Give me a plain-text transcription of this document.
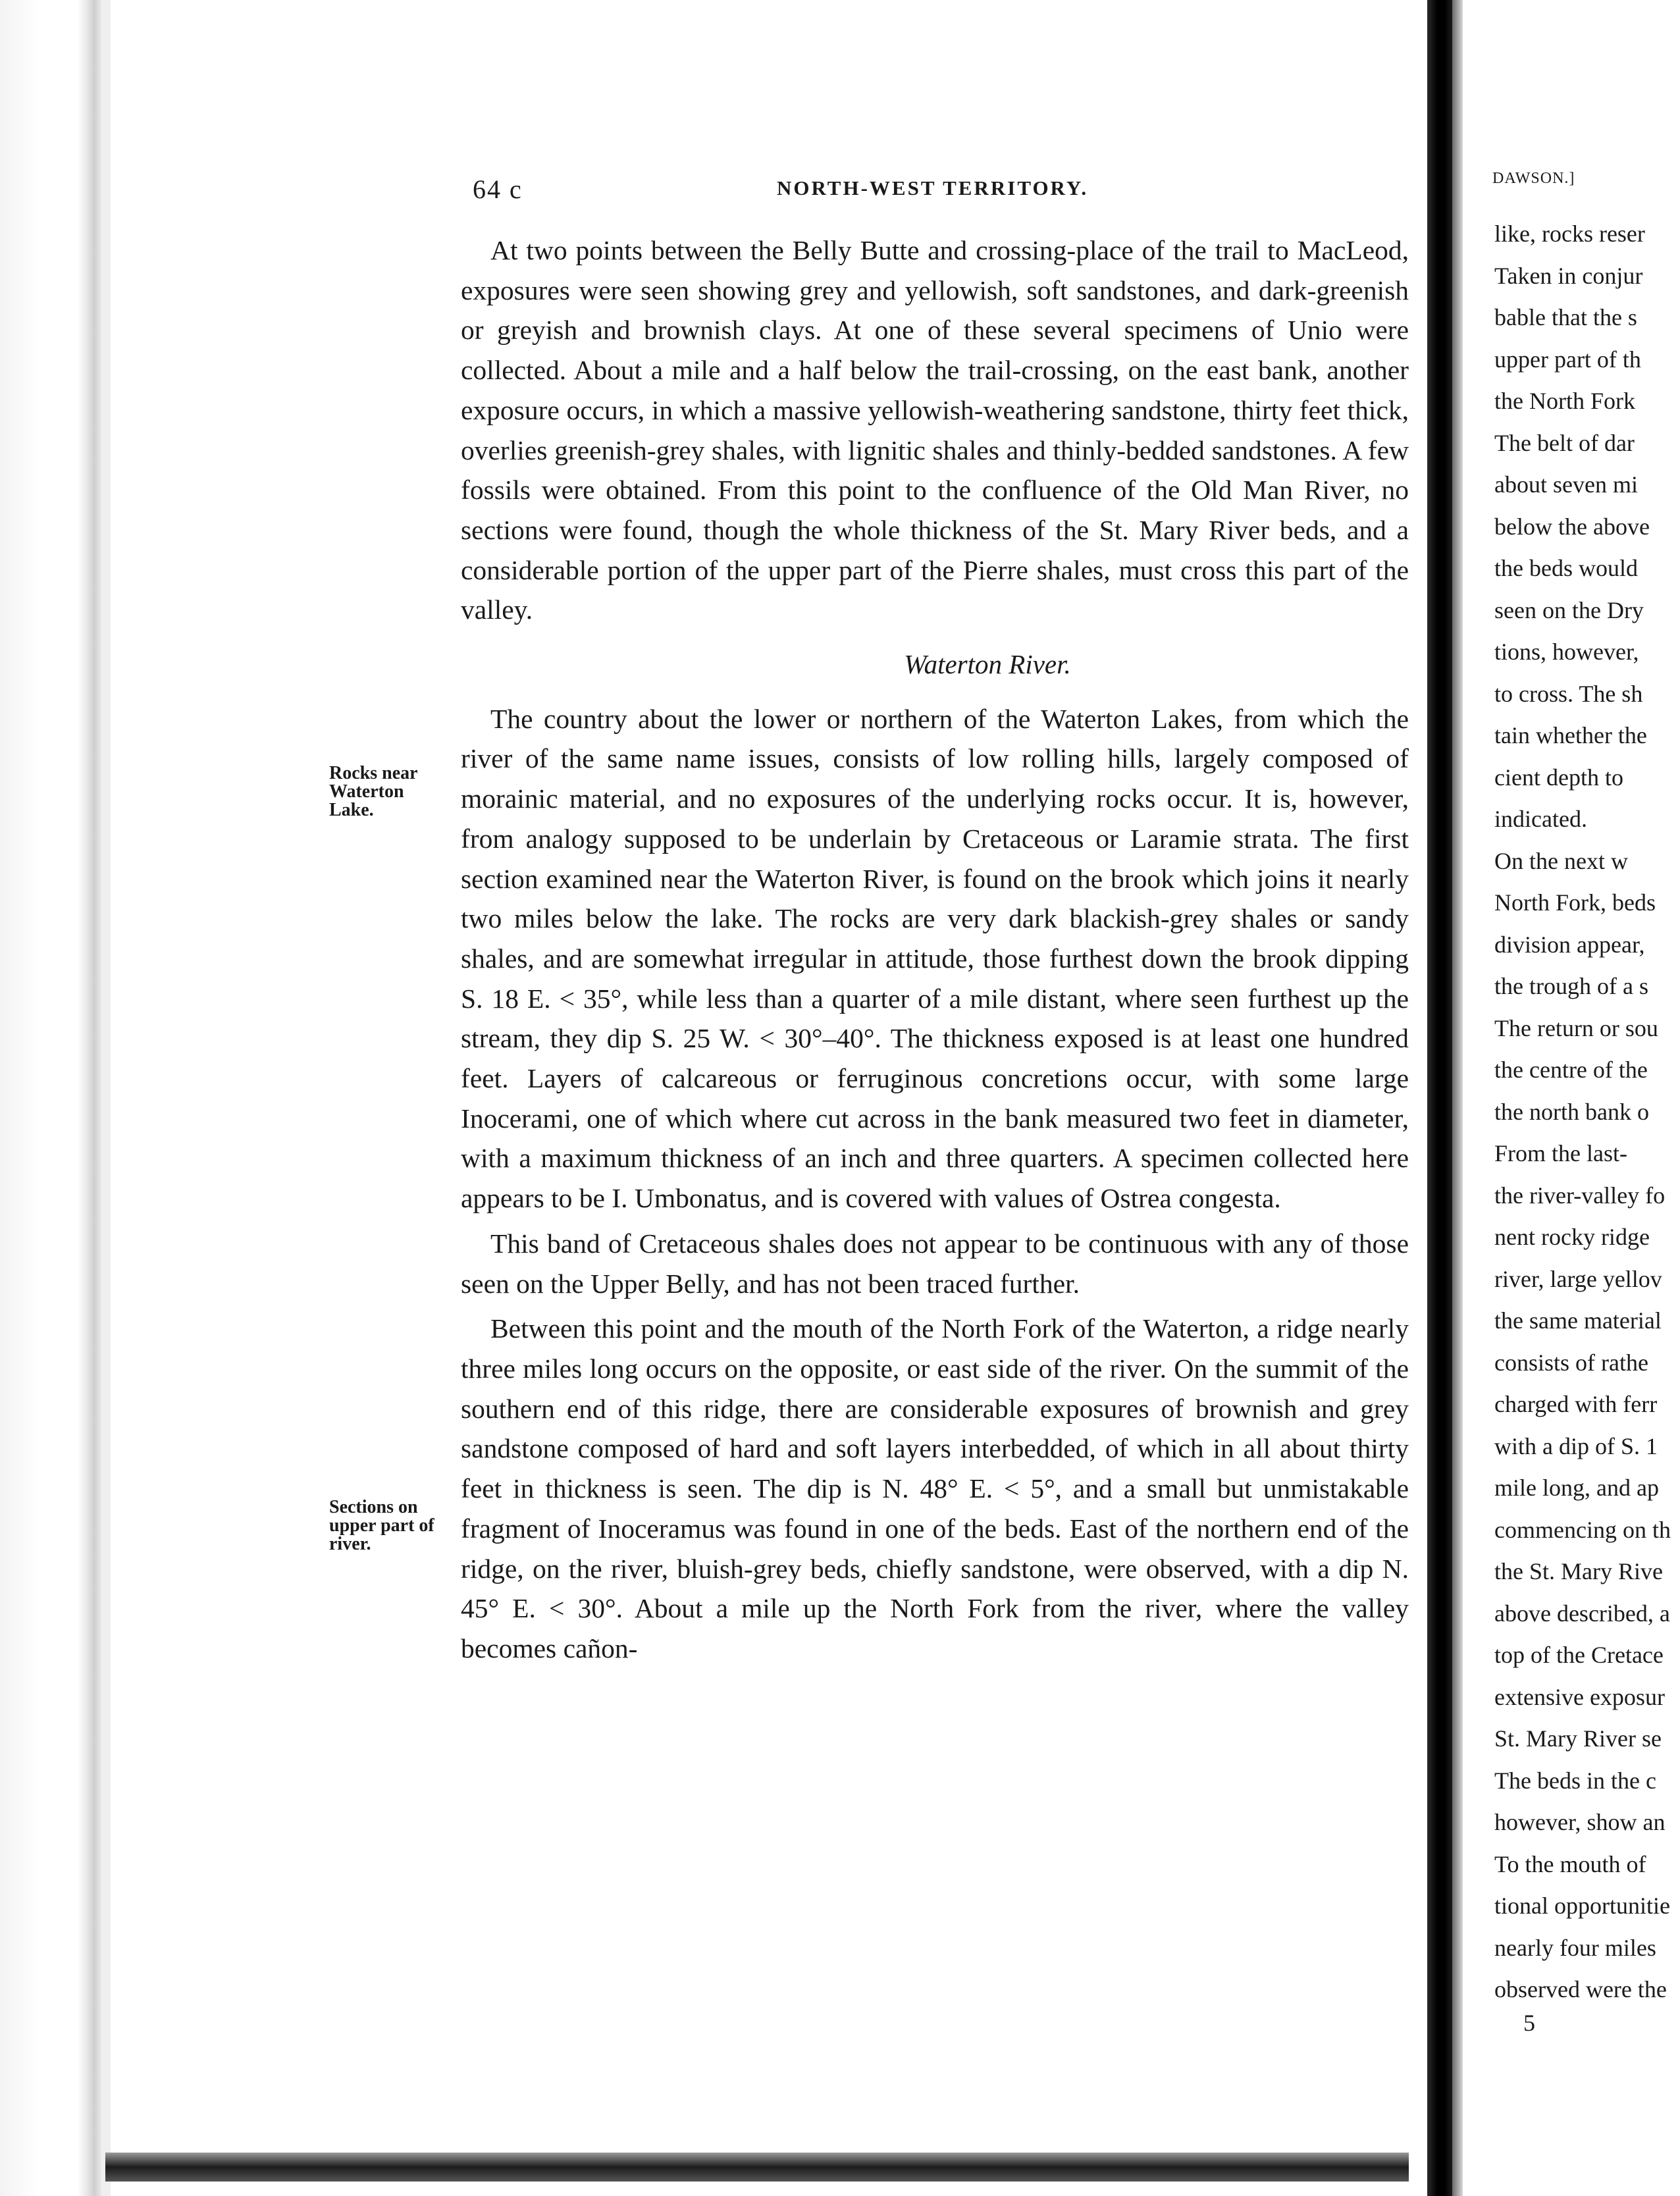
64 c	NORTH-WEST TERRITORY.

At two points between the Belly Butte and crossing-place of the trail to MacLeod, exposures were seen showing grey and yellowish, soft sandstones, and dark-greenish or greyish and brownish clays. At one of these several specimens of Unio were collected. About a mile and a half below the trail-crossing, on the east bank, another exposure occurs, in which a massive yellowish-weathering sandstone, thirty feet thick, overlies greenish-grey shales, with lignitic shales and thinly-bedded sandstones. A few fossils were obtained. From this point to the confluence of the Old Man River, no sections were found, though the whole thickness of the St. Mary River beds, and a considerable portion of the upper part of the Pierre shales, must cross this part of the valley.

Waterton River.

The country about the lower or northern of the Waterton Lakes, from which the river of the same name issues, consists of low rolling hills, largely composed of morainic material, and no exposures of the underlying rocks occur. It is, however, from analogy supposed to be underlain by Cretaceous or Laramie strata. The first section examined near the Waterton River, is found on the brook which joins it nearly two miles below the lake. The rocks are very dark blackish-grey shales or sandy shales, and are somewhat irregular in attitude, those furthest down the brook dipping S. 18 E. < 35°, while less than a quarter of a mile distant, where seen furthest up the stream, they dip S. 25 W. < 30°–40°. The thickness exposed is at least one hundred feet. Layers of calcareous or ferruginous concretions occur, with some large Inocerami, one of which where cut across in the bank measured two feet in diameter, with a maximum thickness of an inch and three quarters. A specimen collected here appears to be I. Umbonatus, and is covered with values of Ostrea congesta.

This band of Cretaceous shales does not appear to be continuous with any of those seen on the Upper Belly, and has not been traced further.

Between this point and the mouth of the North Fork of the Waterton, a ridge nearly three miles long occurs on the opposite, or east side of the river. On the summit of the southern end of this ridge, there are considerable exposures of brownish and grey sandstone composed of hard and soft layers interbedded, of which in all about thirty feet in thickness is seen. The dip is N. 48° E. < 5°, and a small but unmistakable fragment of Inoceramus was found in one of the beds. East of the northern end of the ridge, on the river, bluish-grey beds, chiefly sandstone, were observed, with a dip N. 45° E. < 30°. About a mile up the North Fork from the river, where the valley becomes cañon-

Rocks near
Waterton
Lake.
Sections on
upper part of
river.
DAWSON.]
like, rocks reser
Taken in conjur
bable that the s
upper part of th
the North Fork
The belt of dar
about seven mi
below the above
the beds would
seen on the Dry
tions, however,
to cross. The sh
tain whether the
cient depth to
indicated.
On the next w
North Fork, beds
division appear,
the trough of a s
The return or sou
the centre of the
the north bank o
From the last-
the river-valley fo
nent rocky ridge
river, large yellov
the same material
consists of rathe
charged with ferr
with a dip of S. 1
mile long, and ap
commencing on th
the St. Mary Rive
above described, a
top of the Cretace
extensive exposur
St. Mary River se
The beds in the c
however, show an
To the mouth of
tional opportunitie
nearly four miles
observed were the
5
